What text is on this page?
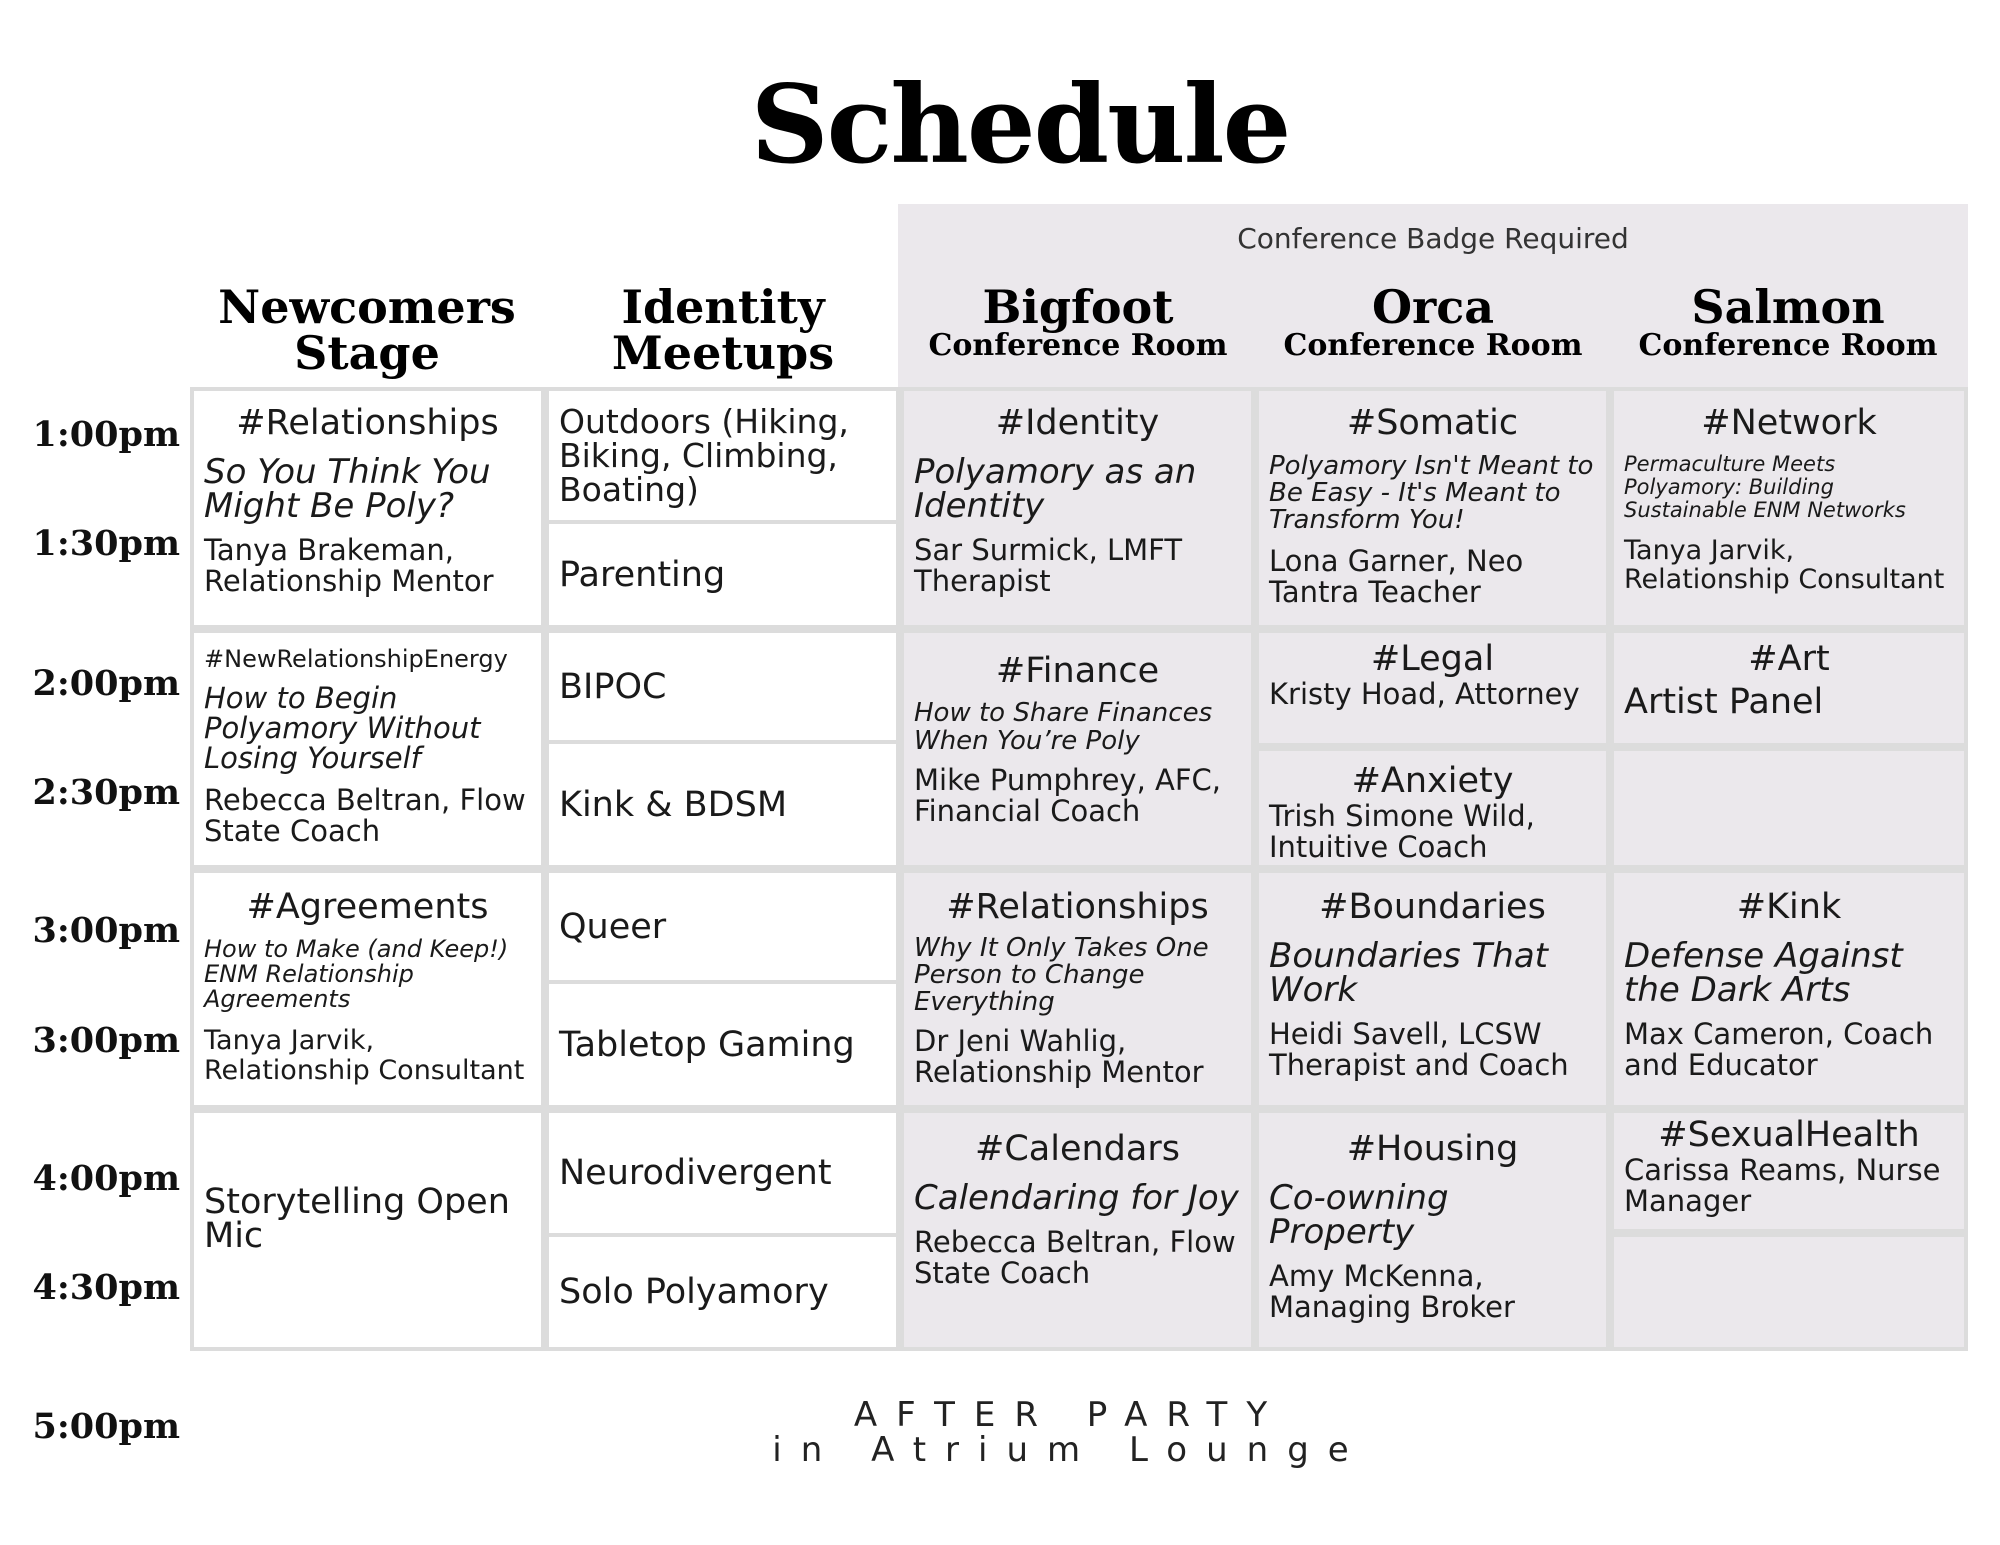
Schedule
Conference Badge Required
Newcomers
Stage
Identity
Meetups
Bigfoot
Conference Room
Orca
Conference Room
Salmon
Conference Room
1:00pm
1:30pm
2:00pm
2:30pm
3:00pm
3:00pm
4:00pm
4:30pm
5:00pm
#Relationships
So You Think You Might Be Poly?
Tanya Brakeman, Relationship Mentor
#NewRelationshipEnergy
How to Begin Polyamory Without Losing Yourself
Rebecca Beltran, Flow State Coach
#Agreements
How to Make (and Keep!) ENM Relationship Agreements
Tanya Jarvik, Relationship Consultant
Storytelling Open Mic
Outdoors (Hiking, Biking, Climbing, Boating)
Parenting
BIPOC
Kink & BDSM
Queer
Tabletop Gaming
Neurodivergent
Solo Polyamory
#Identity
Polyamory as an Identity
Sar Surmick, LMFT Therapist
#Finance
How to Share Finances When You’re Poly
Mike Pumphrey, AFC, Financial Coach
#Relationships
Why It Only Takes One Person to Change Everything
Dr Jeni Wahlig, Relationship Mentor
#Calendars
Calendaring for Joy
Rebecca Beltran, Flow State Coach
#Somatic
Polyamory Isn't Meant to Be Easy - It's Meant to Transform You!
Lona Garner, Neo Tantra Teacher
#Legal
Kristy Hoad, Attorney
#Anxiety
Trish Simone Wild, Intuitive Coach
#Boundaries
Boundaries That Work
Heidi Savell, LCSW Therapist and Coach
#Housing
Co-owning Property
Amy McKenna, Managing Broker
#Network
Permaculture Meets Polyamory: Building Sustainable ENM Networks
Tanya Jarvik, Relationship Consultant
#Art
Artist Panel
#Kink
Defense Against the Dark Arts
Max Cameron, Coach and Educator
#SexualHealth
Carissa Reams, Nurse Manager
AFTER PARTY
in Atrium Lounge
